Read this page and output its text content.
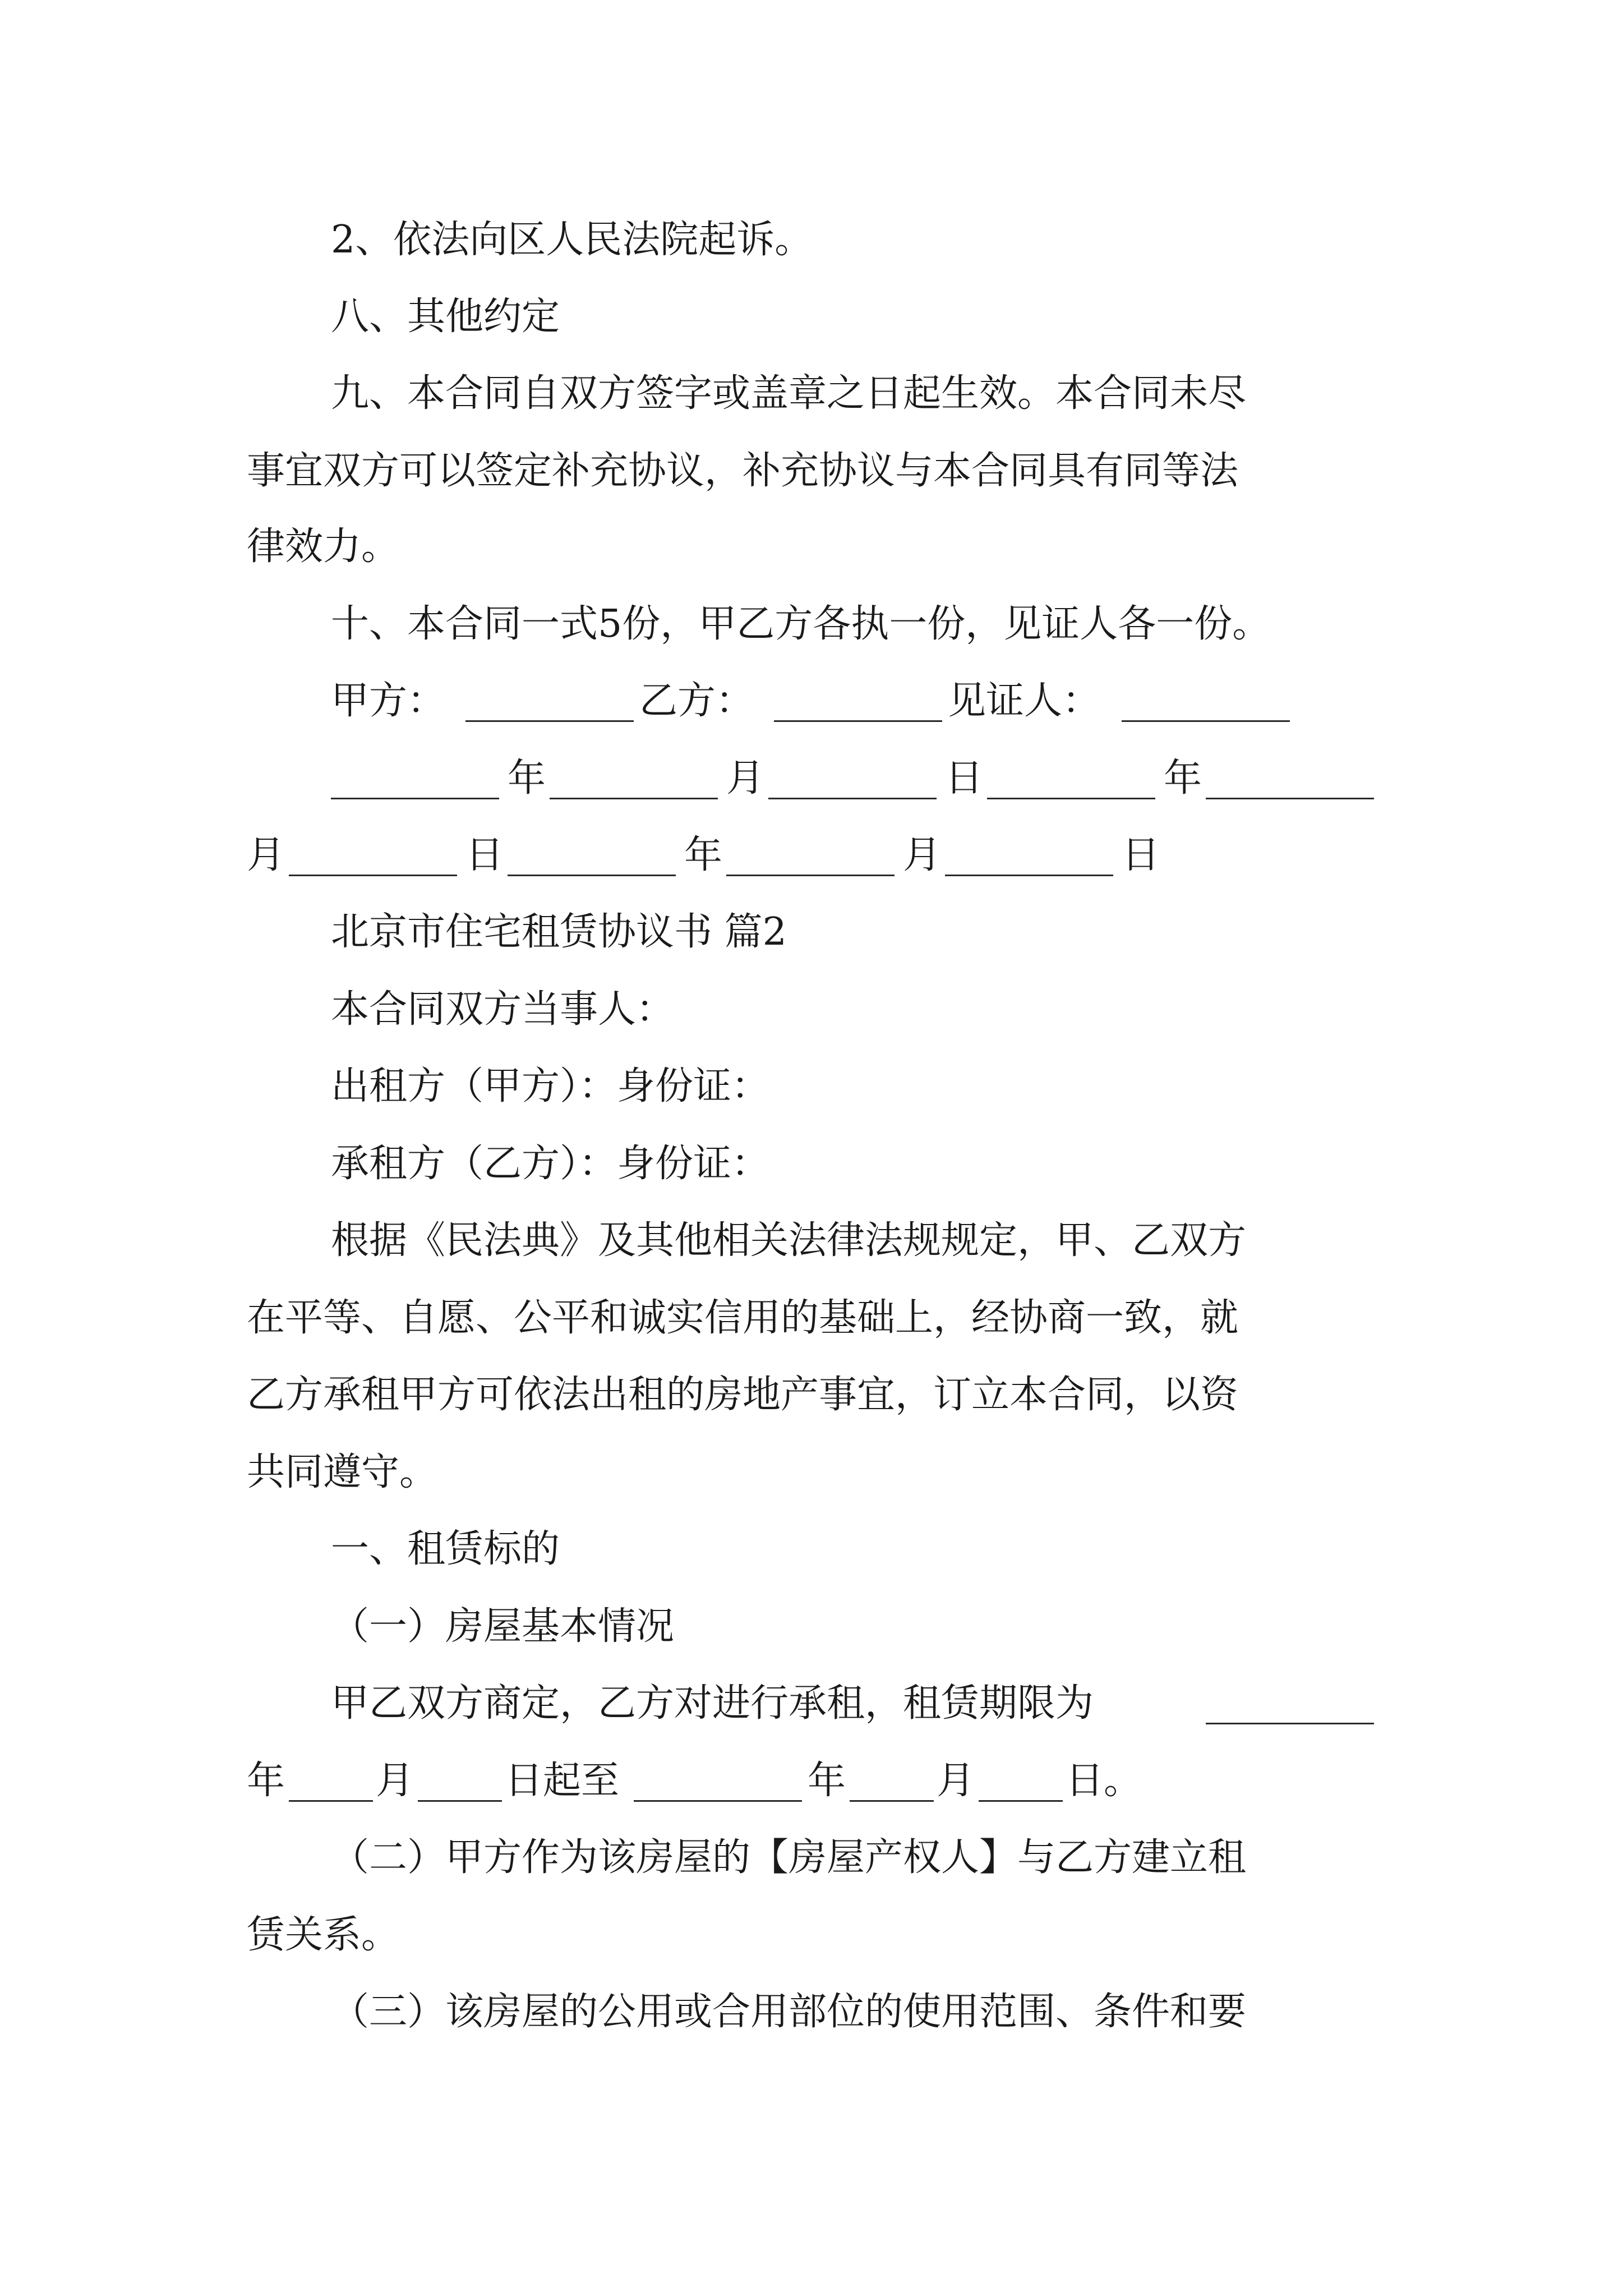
2、依法向区人民法院起诉。
八、其他约定
九、本合同自双方签字或盖章之日起生效。本合同未尽
事宜双方可以签定补充协议，补充协议与本合同具有同等法
律效力。
十、本合同一式5份，甲乙方各执一份，见证人各一份。
甲方：	乙方：	见证人：
年	月	日	年
月	日	年	月	日
北京市住宅租赁协议书 篇2
本合同双方当事人：
出租方（甲方）：身份证：
承租方（乙方）：身份证：
根据《民法典》及其他相关法律法规规定，甲、乙双方
在平等、自愿、公平和诚实信用的基础上，经协商一致，就
乙方承租甲方可依法出租的房地产事宜，订立本合同，以资
共同遵守。
一、租赁标的
（一）房屋基本情况
甲乙双方商定，乙方对进行承租，租赁期限为
年 月 日起至	年 月 日。
（二）甲方作为该房屋的【房屋产权人】与乙方建立租
赁关系。
（三）该房屋的公用或合用部位的使用范围、条件和要
